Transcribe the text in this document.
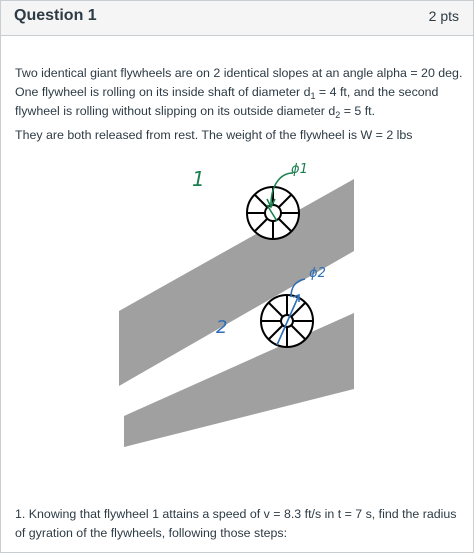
Question 1	2 pts
Two identical giant flywheels are on 2 identical slopes at an angle alpha = 20 deg. One flywheel is rolling on its inside shaft of diameter $d_1 = 4$ ft, and the second flywheel is rolling without slipping on its outside diameter $d_2 = 5$ ft.
They are both released from rest. The weight of the flywheel is W = 2 lbs
1	ϕ1
2
ϕ2
1. Knowing that flywheel 1 attains a speed of v = 8.3 ft/s in t = 7 s, find the radius of gyration of the flywheels, following those steps:
